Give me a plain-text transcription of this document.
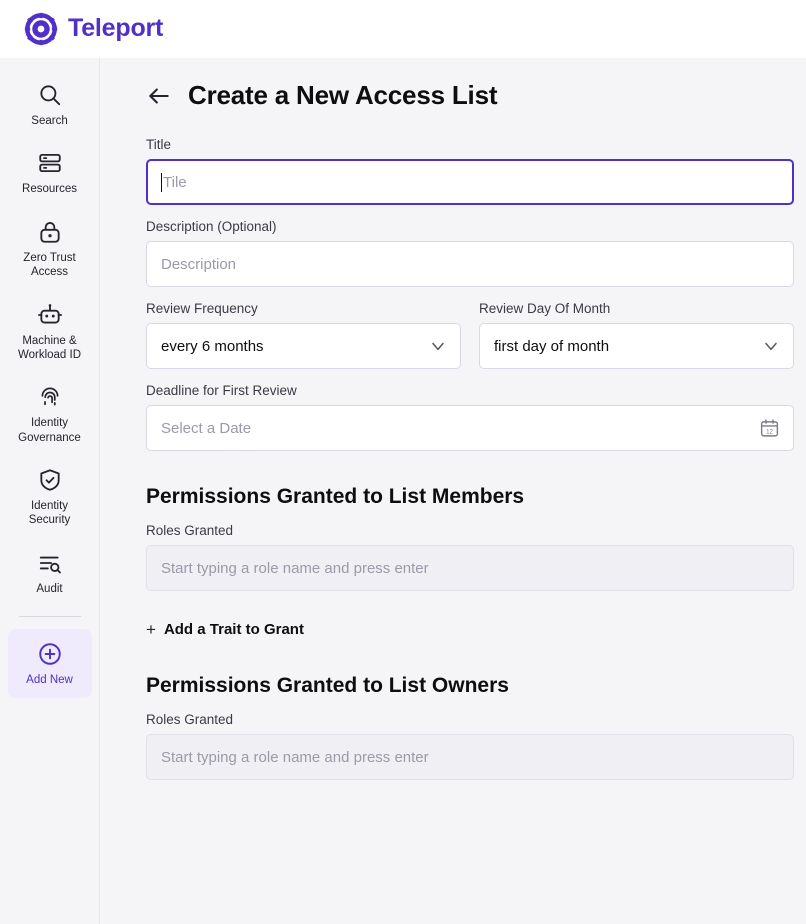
Teleport
Search
Resources
Zero Trust Access
Machine & Workload ID
Identity Governance
Identity Security
Audit
Add New
Create a New Access List
Title
Tile
Description (Optional)
Description
Review Frequency
every 6 months
Review Day Of Month
first day of month
Deadline for First Review
Select a Date	12
Permissions Granted to List Members
Roles Granted
Start typing a role name and press enter
+ Add a Trait to Grant
Permissions Granted to List Owners
Roles Granted
Start typing a role name and press enter
